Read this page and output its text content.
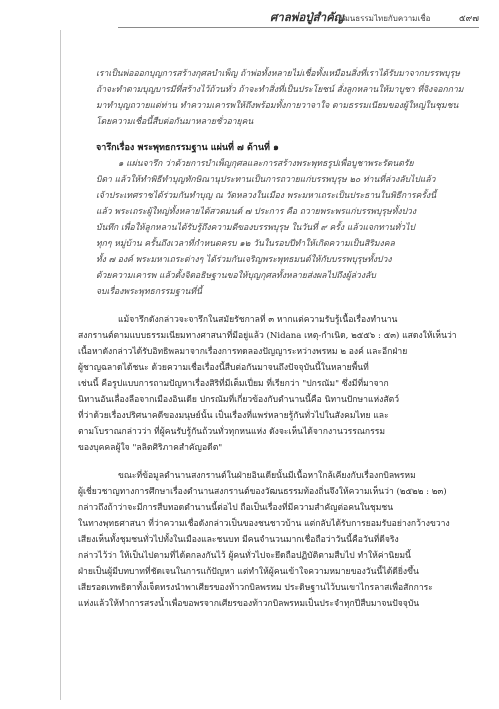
ศาลพ่อปู่สำคัญ
วัฒนธรรมไทยกับความเชื่อ	๕๙๗
เราเป็นพ่อออกบุญการสร้างกุศลบำเพ็ญ ถ้าพ่อทั้งหลายไม่เชื่อทั้งเหมือนสิ่งที่เราได้รับมาจากบรรพบุรุษ
ถ้าจะทำตามบุญบารมีที่สร้างไว้ถ้วนทั่ว ถ้าจะทำสิ่งที่เป็นประโยชน์ สั่งลูกหลานให้มาบูชา ที่จิงจอกกาม
มาทำบุญถวายแด่ท่าน ทำความเคารพให้ถึงพร้อมทั้งกายวาจาใจ ตามธรรมเนียมของผู้ใหญ่ในชุมชน
โดยความเชื่อนี้สืบต่อกันมาหลายชั่วอายุคน
จารึกเรื่อง พระพุทธกรรมฐาน แผ่นที่ ๗ ด้านที่ ๑
๑ แผ่นจารึก ว่าด้วยการบำเพ็ญกุศลและการสร้างพระพุทธรูปเพื่อบูชาพระรัตนตรัย
บิดา แล้วให้ทำพิธีทำบุญทักษิณานุประทานเป็นการถวายแก่บรรพบุรุษ ๒๐ ท่านที่ล่วงลับไปแล้ว
เจ้าประเทศราชได้ร่วมกันทำบุญ ณ วัดหลวงในเมือง พระมหาเถระเป็นประธานในพิธีการครั้งนี้
แล้ว พระเถระผู้ใหญ่ทั้งหลายได้สวดมนต์ ๗ ประการ คือ ถวายพระพรแก่บรรพบุรุษทั้งปวง
บันทึก เพื่อให้ลูกหลานได้รับรู้ถึงความดีของบรรพบุรุษ ในวันที่ ๙ ครั้ง แล้วแจกทานทั่วไป
ทุกๆ หมู่บ้าน ครั้นถึงเวลาที่กำหนดครบ ๑๒ วันในรอบปีทำให้เกิดความเป็นสิริมงคล
ทั้ง ๗ องค์ พระมหาเถระต่างๆ ได้ร่วมกันเจริญพระพุทธมนต์ให้กับบรรพบุรุษทั้งปวง
ด้วยความเคารพ แล้วตั้งจิตอธิษฐานขอให้บุญกุศลทั้งหลายส่งผลไปถึงผู้ล่วงลับ
จบเรื่องพระพุทธกรรมฐานที่นี้
แม้จารึกดังกล่าวจะจารึกในสมัยรัชกาลที่ ๓ หากแต่ความรับรู้เนื้อเรื่องทำนาน
สงกรานต์ตามแบบธรรมเนียมทางศาสนาที่มีอยู่แล้ว (Nidana เหตุ-กำเนิด, ๒๕๕๖ : ๕๓) แสดงให้เห็นว่า
เนื้อหาดังกล่าวได้รับอิทธิพลมาจากเรื่องการทดลองปัญญาระหว่างพรหม ๒ องค์ และอีกฝ่าย
ผู้ชาญฉลาดได้ชนะ ด้วยความเชื่อเรื่องนี้สืบต่อกันมาจนถึงปัจจุบันนี้ในหลายพื้นที่
เช่นนี้ คือรูปแบบการถามปัญหาเรื่องสิริที่มีเต็มเปี่ยม ที่เรียกว่า "ปกรณัม" ซึ่งมีที่มาจาก
นิทานอันเลื่องลือจากเมืองอินเดีย ปกรณัมที่เกี่ยวข้องกับตำนานนี้คือ นิทานปักษาแห่งสัตว์
ที่ว่าด้วยเรื่องปริศนาคดีของมนุษย์นั้น เป็นเรื่องที่แพร่หลายรู้กันทั่วไปในสังคมไทย และ
ตามโบราณกล่าวว่า ที่ผู้คนรับรู้กันถ้วนทั่วทุกหนแห่ง ดังจะเห็นได้จากงานวรรณกรรม
ของบุคคลผู้ใจ "ลลิตศิริภาคสำคัญอดีต"
ขณะที่ข้อมูลตำนานสงกรานต์ในฝ่ายอินเดียนั้นมีเนื้อหาใกล้เคียงกับเรื่องกบิลพรหม
ผู้เชี่ยวชาญทางการศึกษาเรื่องตำนานสงกรานต์ของวัฒนธรรมท้องถิ่นจึงให้ความเห็นว่า (๒๕๒๒ : ๒๓)
กล่าวถึงถ้าว่าจะมีการสืบทอดตำนานนี้ต่อไป ถือเป็นเรื่องที่มีความสำคัญต่อคนในชุมชน
ในทางพุทธศาสนา ที่ว่าความเชื่อดังกล่าวเป็นของชนชาวบ้าน แต่กลับได้รับการยอมรับอย่างกว้างขวาง
เสียงเห็นทั้งชุมชนทั่วไปทั้งในเมืองและชนบท มีคนจำนวนมากเชื่อถือว่าวันนี้คือวันที่ดีจริง
กล่าวไว้ว่า ให้เป็นไปตามที่ได้ตกลงกันไว้ ผู้คนทั่วไปจะยึดถือปฏิบัติตามสืบไป ทำให้ค่านิยมนี้
ฝ่ายเป็นผู้มีบทบาทที่ชัดเจนในการแก้ปัญหา แต่ทำให้ผู้คนเข้าใจความหมายของวันนี้ได้ดียิ่งขึ้น
เสียรอดเทพธิดาทั้งเจ็ดทรงนำพาเศียรของท้าวกบิลพรหม ประดิษฐานไว้บนเขาไกรลาสเพื่อสักการะ
แห่งแล้วให้ทำการสรงน้ำเพื่อขอพรจากเศียรของท้าวกบิลพรหมเป็นประจำทุกปีสืบมาจนปัจจุบัน
